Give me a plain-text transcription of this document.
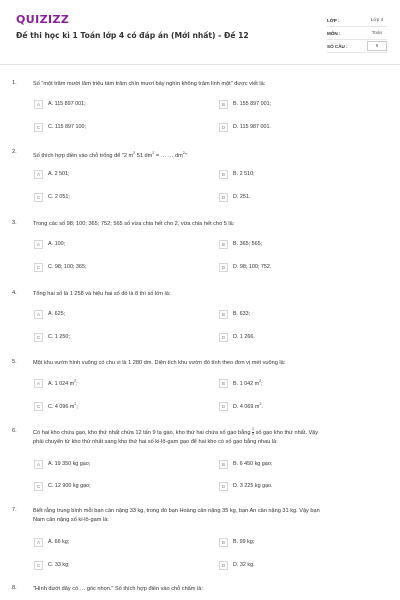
QUIZIZZ
Đề thi học kì 1 Toán lớp 4 có đáp án (Mới nhất) - Đề 12
LỚP :	Lớp 4
MÔN :	Toán
SỐ CÂU :	9
1.	Số "một trăm mười lăm triệu tám trăm chín mươi bảy nghìn không trăm linh một" được viết là:
A	A. 115 897 001;	B	B. 155 897 001;
C	C. 115 897 100;	D	D. 115 987 001.
2.
Số thích hợp điền vào chỗ trống để "2 $m^2$ 51 $dm^2$ = … … $dm^2$"
A	A. 2 501;	B	B. 2 510;
C	C. 2 051;	D	D. 251.
3.	Trong các số 98; 100; 365; 752; 565 số vừa chia hết cho 2, vừa chia hết cho 5 là:
A	A. 100;	B	B. 365; 565;
C	C. 98; 100; 365;	D	D. 98; 100; 752.
4.	Tổng hai số là 1 258 và hiệu hai số đó là 8 thì số lớn là:
A	A. 625;	B	B. 633;
C	C. 1 250;	D	D. 1 266.
5.	Một khu vườn hình vuông có chu vi là 1 280 dm. Diện tích khu vườn đó tính theo đơn vị mét vuông là:
A	A. 1 024 $m^2$;	B	B. 1 042 $m^2$;
C	C. 4 096 $m^2$;	D	D. 4 069 $m^2$.
6.	Có hai kho chứa gạo, kho thứ nhất chứa 12 tấn 9 tạ gạo, kho thứ hai chứa số gạo bằng $\frac{1}{2}$ số gạo kho thứ nhất. Vậy
phải chuyển từ kho thứ nhất sang kho thứ hai số ki-lô-gam gạo để hai kho có số gạo bằng nhau là:
A	A. 19 350 kg gạo;	B	B. 6 450 kg gạo;
C	C. 12 900 kg gạo;	D	D. 3 225 kg gạo.
7.	Biết rằng trung bình mỗi bạn cân nặng 33 kg, trong đó bạn Hoàng cân nặng 35 kg, bạn An cân nặng 31 kg. Vậy bạn
Nam cân nặng số ki-lô-gam là:
A	A. 66 kg;	B	B. 99 kg;
C	C. 33 kg;	D	D. 32 kg.
8.	"Hình dưới đây có … góc nhọn." Số thích hợp điền vào chỗ chấm là:
